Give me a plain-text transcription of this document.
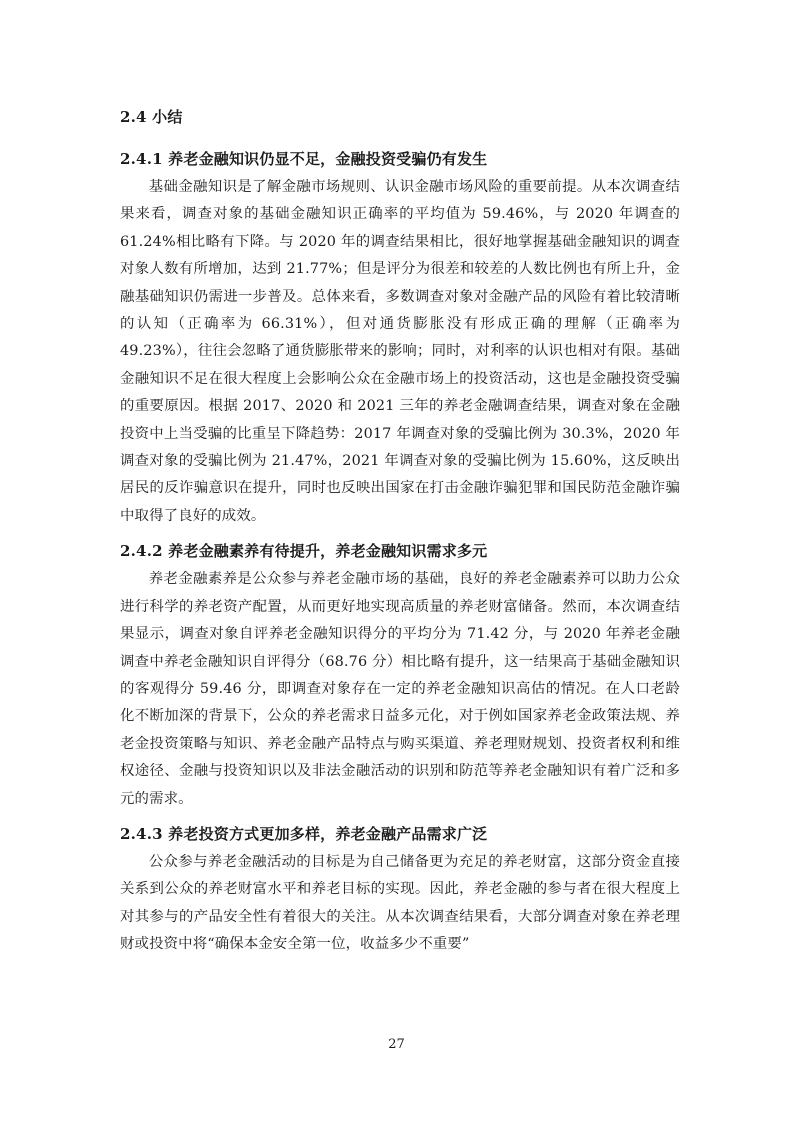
2.4 小结
2.4.1 养老金融知识仍显不足，金融投资受骗仍有发生

基础金融知识是了解金融市场规则、认识金融市场风险的重要前提。从本次调查结果来看，调查对象的基础金融知识正确率的平均值为 59.46%，与 2020 年调查的 61.24%相比略有下降。与 2020 年的调查结果相比，很好地掌握基础金融知识的调查对象人数有所增加，达到 21.77%；但是评分为很差和较差的人数比例也有所上升，金融基础知识仍需进一步普及。总体来看，多数调查对象对金融产品的风险有着比较清晰的认知（正确率为 66.31%），但对通货膨胀没有形成正确的理解（正确率为 49.23%），往往会忽略了通货膨胀带来的影响；同时，对利率的认识也相对有限。基础金融知识不足在很大程度上会影响公众在金融市场上的投资活动，这也是金融投资受骗的重要原因。根据 2017、2020 和 2021 三年的养老金融调查结果，调查对象在金融投资中上当受骗的比重呈下降趋势：2017 年调查对象的受骗比例为 30.3%，2020 年调查对象的受骗比例为 21.47%，2021 年调查对象的受骗比例为 15.60%，这反映出居民的反诈骗意识在提升，同时也反映出国家在打击金融诈骗犯罪和国民防范金融诈骗中取得了良好的成效。

2.4.2 养老金融素养有待提升，养老金融知识需求多元

养老金融素养是公众参与养老金融市场的基础，良好的养老金融素养可以助力公众进行科学的养老资产配置，从而更好地实现高质量的养老财富储备。然而，本次调查结果显示，调查对象自评养老金融知识得分的平均分为 71.42 分，与 2020 年养老金融调查中养老金融知识自评得分（68.76 分）相比略有提升，这一结果高于基础金融知识的客观得分 59.46 分，即调查对象存在一定的养老金融知识高估的情况。在人口老龄化不断加深的背景下，公众的养老需求日益多元化，对于例如国家养老金政策法规、养老金投资策略与知识、养老金融产品特点与购买渠道、养老理财规划、投资者权利和维权途径、金融与投资知识以及非法金融活动的识别和防范等养老金融知识有着广泛和多元的需求。

2.4.3 养老投资方式更加多样，养老金融产品需求广泛

公众参与养老金融活动的目标是为自己储备更为充足的养老财富，这部分资金直接关系到公众的养老财富水平和养老目标的实现。因此，养老金融的参与者在很大程度上对其参与的产品安全性有着很大的关注。从本次调查结果看，大部分调查对象在养老理财或投资中将“确保本金安全第一位，收益多少不重要”

27
